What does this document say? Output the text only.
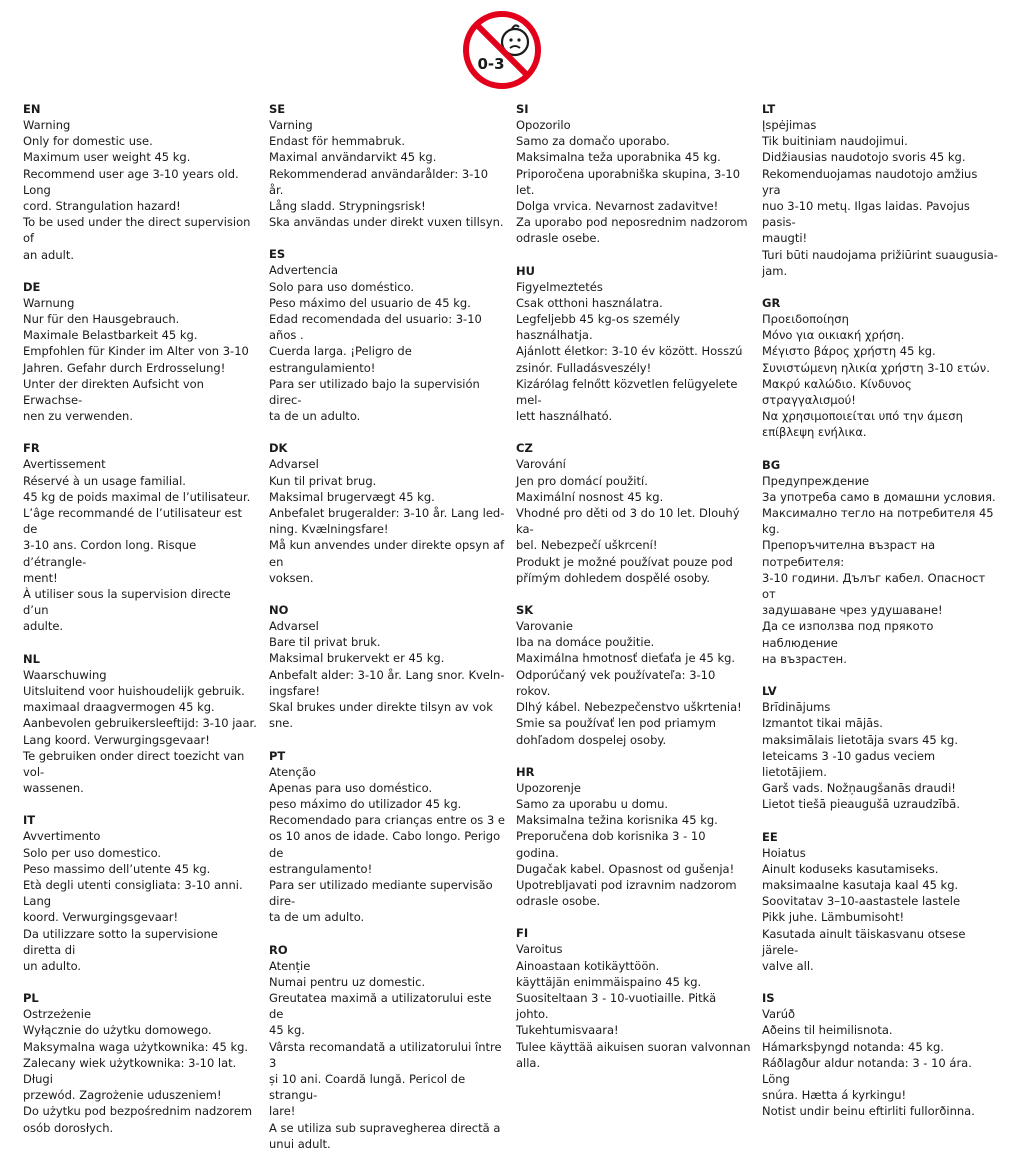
0-3
EN
Warning
Only for domestic use.
Maximum user weight 45 kg.
Recommend user age 3-10 years old. Long
cord. Strangulation hazard!
To be used under the direct supervision of
an adult.
DE
Warnung
Nur für den Hausgebrauch.
Maximale Belastbarkeit 45 kg.
Empfohlen für Kinder im Alter von 3-10
Jahren. Gefahr durch Erdrosselung!
Unter der direkten Aufsicht von Erwachse-
nen zu verwenden.
FR
Avertissement
Réservé à un usage familial.
45 kg de poids maximal de l’utilisateur.
L’âge recommandé de l’utilisateur est de
3-10 ans. Cordon long. Risque d’étrangle-
ment!
À utiliser sous la supervision directe d’un
adulte.
NL
Waarschuwing
Uitsluitend voor huishoudelijk gebruik.
maximaal draagvermogen 45 kg.
Aanbevolen gebruikersleeftijd: 3-10 jaar.
Lang koord. Verwurgingsgevaar!
Te gebruiken onder direct toezicht van vol-
wassenen.
IT
Avvertimento
Solo per uso domestico.
Peso massimo dell’utente 45 kg.
Età degli utenti consigliata: 3-10 anni. Lang
koord. Verwurgingsgevaar!
Da utilizzare sotto la supervisione diretta di
un adulto.
PL
Ostrzeżenie
Wyłącznie do użytku domowego.
Maksymalna waga użytkownika: 45 kg.
Zalecany wiek użytkownika: 3-10 lat. Długi
przewód. Zagrożenie uduszeniem!
Do użytku pod bezpośrednim nadzorem
osób dorosłych.
SE
Varning
Endast för hemmabruk.
Maximal användarvikt 45 kg.
Rekommenderad användarålder: 3-10 år.
Lång sladd. Strypningsrisk!
Ska användas under direkt vuxen tillsyn.
ES
Advertencia
Solo para uso doméstico.
Peso máximo del usuario de 45 kg.
Edad recomendada del usuario: 3-10 años .
Cuerda larga. ¡Peligro de estrangulamiento!
Para ser utilizado bajo la supervisión direc-
ta de un adulto.
DK
Advarsel
Kun til privat brug.
Maksimal brugervægt 45 kg.
Anbefalet brugeralder: 3-10 år. Lang led-
ning. Kvælningsfare!
Må kun anvendes under direkte opsyn af en
voksen.
NO
Advarsel
Bare til privat bruk.
Maksimal brukervekt er 45 kg.
Anbefalt alder: 3-10 år. Lang snor. Kveln-
ingsfare!
Skal brukes under direkte tilsyn av vok
sne.
PT
Atenção
Apenas para uso doméstico.
peso máximo do utilizador 45 kg.
Recomendado para crianças entre os 3 e
os 10 anos de idade. Cabo longo. Perigo de
estrangulamento!
Para ser utilizado mediante supervisão dire-
ta de um adulto.
RO
Atenție
Numai pentru uz domestic.
Greutatea maximă a utilizatorului este de
45 kg.
Vârsta recomandată a utilizatorului între 3
și 10 ani. Coardă lungă. Pericol de strangu-
lare!
A se utiliza sub supravegherea directă a
unui adult.
SI
Opozorilo
Samo za domačo uporabo.
Maksimalna teža uporabnika 45 kg.
Priporočena uporabniška skupina, 3-10 let.
Dolga vrvica. Nevarnost zadavitve!
Za uporabo pod neposrednim nadzorom
odrasle osebe.
HU
Figyelmeztetés
Csak otthoni használatra.
Legfeljebb 45 kg-os személy használhatja.
Ajánlott életkor: 3-10 év között. Hosszú
zsinór. Fulladásveszély!
Kizárólag felnőtt közvetlen felügyelete mel-
lett használható.
CZ
Varování
Jen pro domácí použití.
Maximální nosnost 45 kg.
Vhodné pro děti od 3 do 10 let. Dlouhý ka-
bel. Nebezpečí uškrcení!
Produkt je možné používat pouze pod
přímým dohledem dospělé osoby.
SK
Varovanie
Iba na domáce použitie.
Maximálna hmotnosť dieťaťa je 45 kg.
Odporúčaný vek používateľa: 3-10 rokov.
Dlhý kábel. Nebezpečenstvo uškrtenia!
Smie sa používať len pod priamym
dohľadom dospelej osoby.
HR
Upozorenje
Samo za uporabu u domu.
Maksimalna težina korisnika 45 kg.
Preporučena dob korisnika 3 - 10 godina.
Dugačak kabel. Opasnost od gušenja!
Upotrebljavati pod izravnim nadzorom
odrasle osobe.
FI
Varoitus
Ainoastaan kotikäyttöön.
käyttäjän enimmäispaino 45 kg.
Suositeltaan 3 - 10-vuotiaille. Pitkä johto.
Tukehtumisvaara!
Tulee käyttää aikuisen suoran valvonnan
alla.
LT
Įspėjimas
Tik buitiniam naudojimui.
Didžiausias naudotojo svoris 45 kg.
Rekomenduojamas naudotojo amžius yra
nuo 3-10 metų. Ilgas laidas. Pavojus pasis-
maugti!
Turi būti naudojama prižiūrint suaugusia-
jam.
GR
Προειδοποίηση
Μόνο για οικιακή χρήση.
Μέγιστο βάρος χρήστη 45 kg.
Συνιστώμενη ηλικία χρήστη 3-10 ετών.
Μακρύ καλώδιο. Κίνδυνος στραγγαλισμού!
Να χρησιμοποιείται υπό την άμεση
επίβλεψη ενήλικα.
BG
Предупреждение
За употреба само в домашни условия.
Максимално тегло на потребителя 45 kg.
Препоръчителна възраст на потребителя:
3-10 години. Дълъг кабел. Опасност от
задушаване чрез удушаване!
Да се използва под прякото наблюдение
на възрастен.
LV
Brīdinājums
Izmantot tikai mājās.
maksimālais lietotāja svars 45 kg.
Ieteicams 3 -10 gadus veciem lietotājiem.
Garš vads. Nožņaugšanās draudi!
Lietot tiešā pieaugušā uzraudzībā.
EE
Hoiatus
Ainult koduseks kasutamiseks.
maksimaalne kasutaja kaal 45 kg.
Soovitatav 3–10-aastastele lastele
Pikk juhe. Lämbumisoht!
Kasutada ainult täiskasvanu otsese järele-
valve all.
IS
Varúð
Aðeins til heimilisnota.
Hámarksþyngd notanda: 45 kg.
Ráðlagður aldur notanda: 3 - 10 ára. Löng
snúra. Hætta á kyrkingu!
Notist undir beinu eftirliti fullorðinna.
